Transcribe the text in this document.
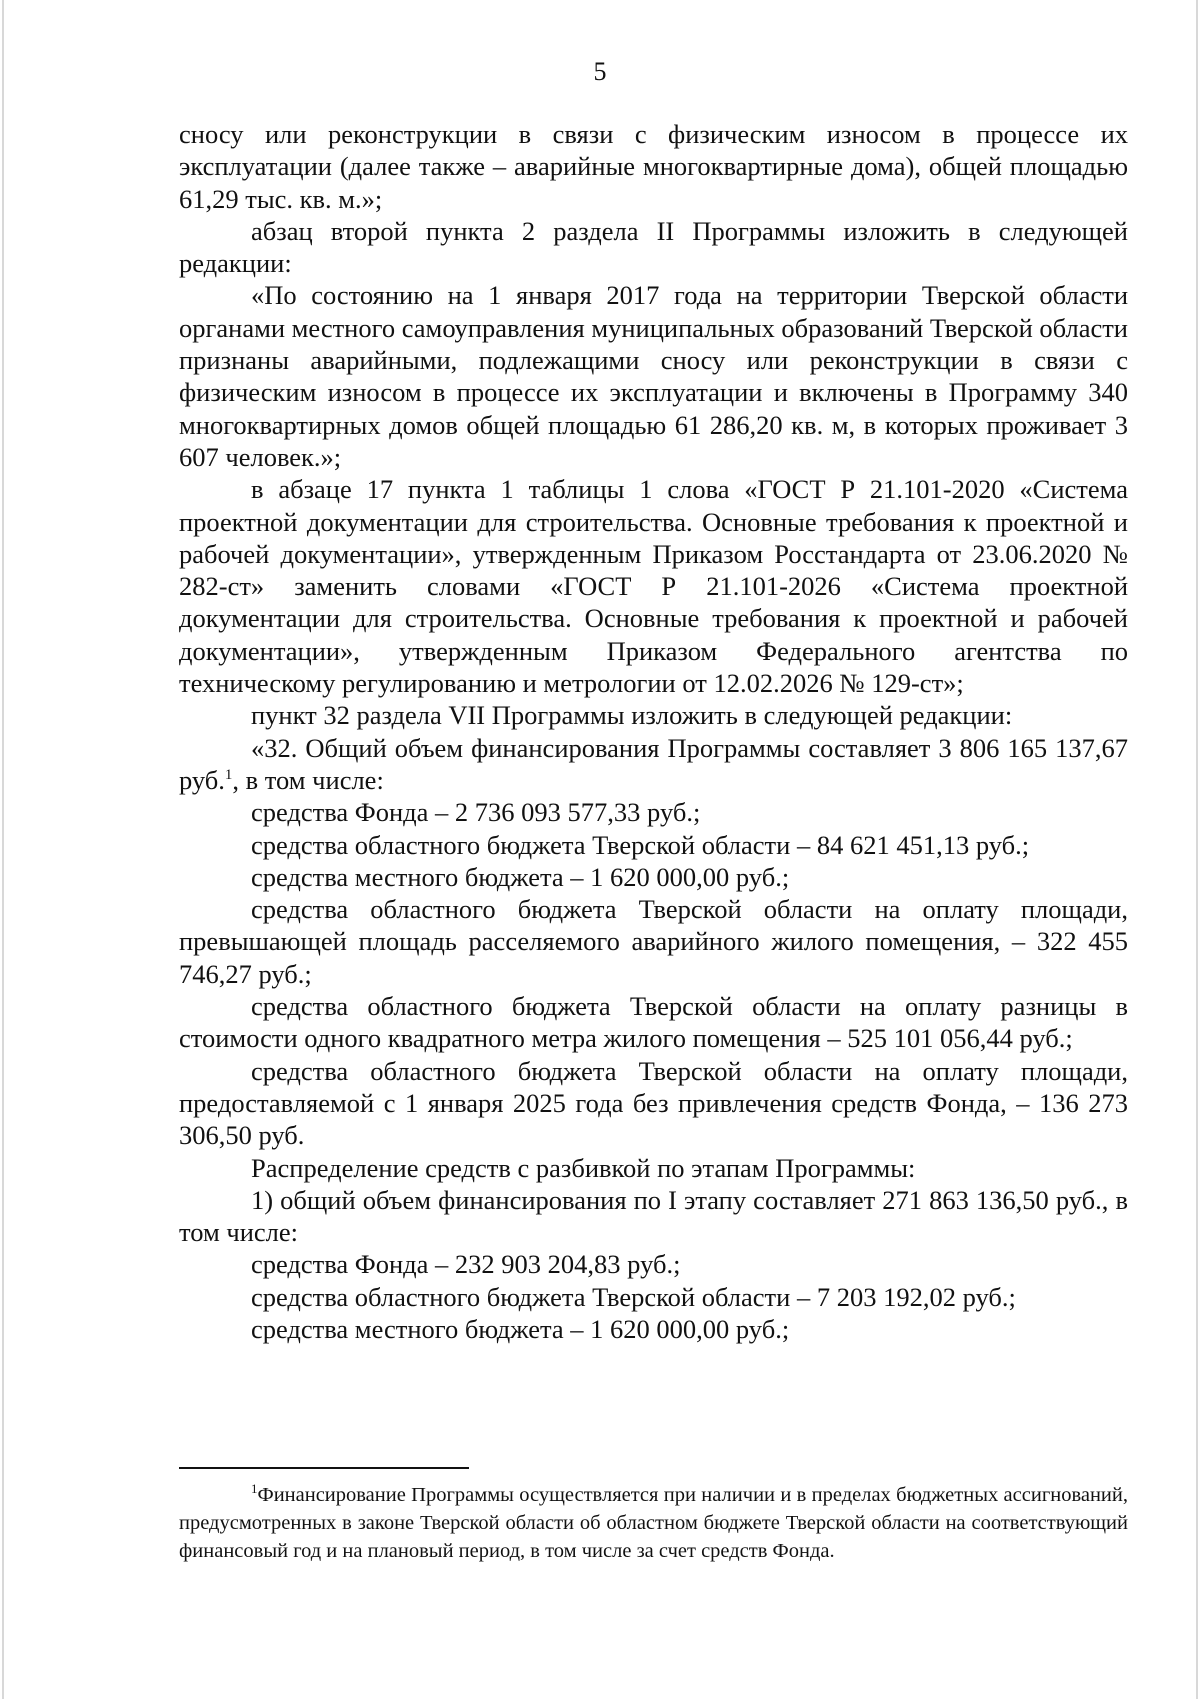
5

сносу или реконструкции в связи с физическим износом в процессе их эксплуатации (далее также – аварийные многоквартирные дома), общей площадью 61,29 тыс. кв. м.»;

абзац второй пункта 2 раздела II Программы изложить в следующей редакции:

«По состоянию на 1 января 2017 года на территории Тверской области органами местного самоуправления муниципальных образований Тверской области признаны аварийными, подлежащими сносу или реконструкции в связи с физическим износом в процессе их эксплуатации и включены в Программу 340 многоквартирных домов общей площадью 61 286,20 кв. м, в которых проживает 3 607 человек.»;

в абзаце 17 пункта 1 таблицы 1 слова «ГОСТ Р 21.101-2020 «Система проектной документации для строительства. Основные требования к проектной и рабочей документации», утвержденным Приказом Росстандарта от 23.06.2020 № 282-ст» заменить словами «ГОСТ Р 21.101-2026 «Система проектной документации для строительства. Основные требования к проектной и рабочей документации», утвержденным Приказом Федерального агентства по техническому регулированию и метрологии от 12.02.2026 № 129-ст»;

пункт 32 раздела VII Программы изложить в следующей редакции:

«32. Общий объем финансирования Программы составляет 3 806 165 137,67 руб.$^1$, в том числе:

средства Фонда – 2 736 093 577,33 руб.;

средства областного бюджета Тверской области – 84 621 451,13 руб.;

средства местного бюджета – 1 620 000,00 руб.;

средства областного бюджета Тверской области на оплату площади, превышающей площадь расселяемого аварийного жилого помещения, – 322 455 746,27 руб.;

средства областного бюджета Тверской области на оплату разницы в стоимости одного квадратного метра жилого помещения – 525 101 056,44 руб.;

средства областного бюджета Тверской области на оплату площади, предоставляемой с 1 января 2025 года без привлечения средств Фонда, – 136 273 306,50 руб.

Распределение средств с разбивкой по этапам Программы:

1) общий объем финансирования по I этапу составляет 271 863 136,50 руб., в том числе:

средства Фонда – 232 903 204,83 руб.;

средства областного бюджета Тверской области – 7 203 192,02 руб.;

средства местного бюджета – 1 620 000,00 руб.;

$^1$Финансирование Программы осуществляется при наличии и в пределах бюджетных ассигнований, предусмотренных в законе Тверской области об областном бюджете Тверской области на соответствующий финансовый год и на плановый период, в том числе за счет средств Фонда.
